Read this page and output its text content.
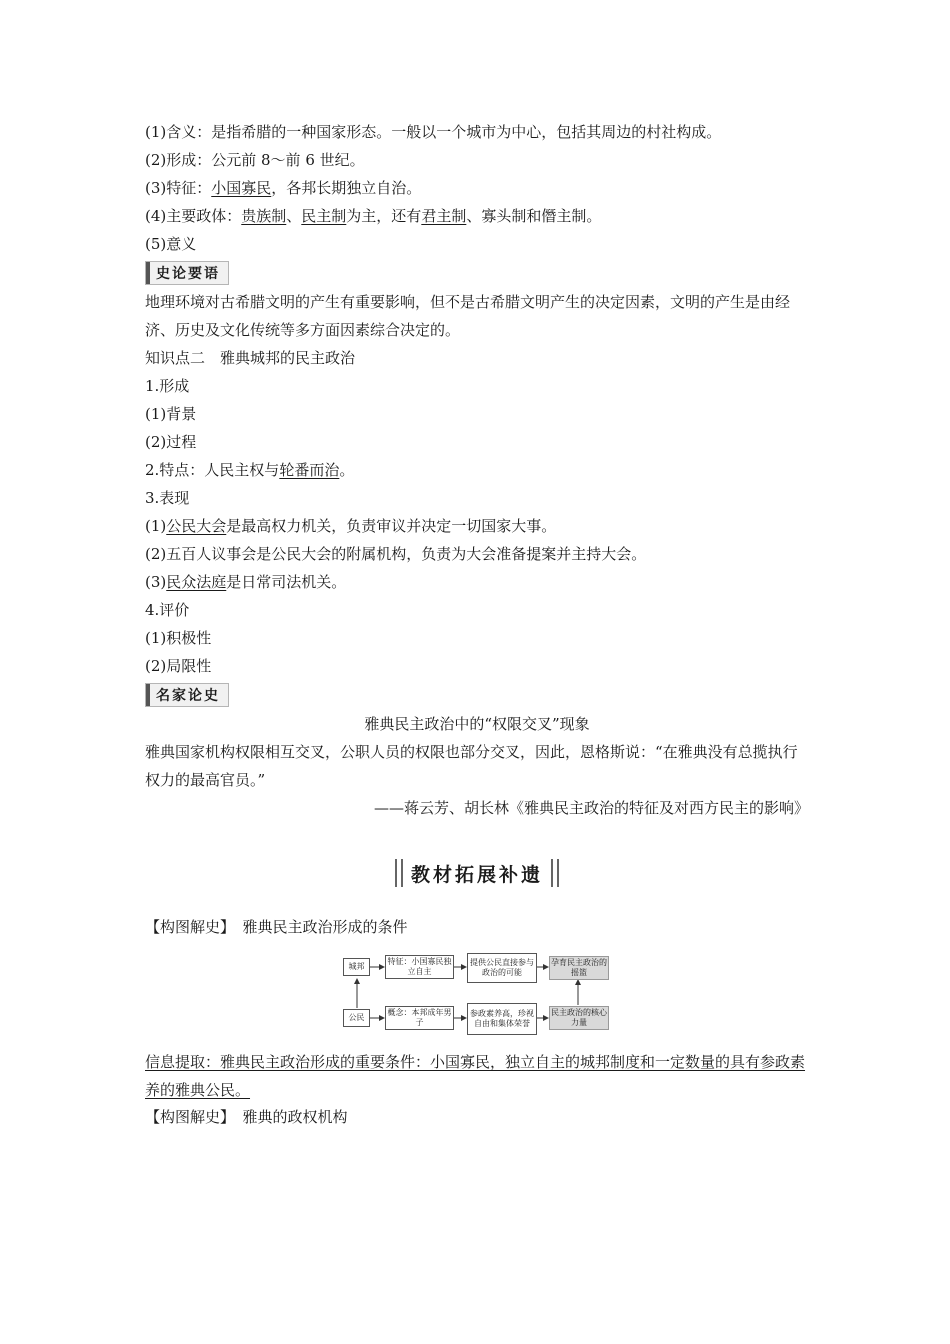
(1)含义：是指希腊的一种国家形态。一般以一个城市为中心，包括其周边的村社构成。
(2)形成：公元前 8～前 6 世纪。
(3)特征：小国寡民，各邦长期独立自治。
(4)主要政体：贵族制、民主制为主，还有君主制、寡头制和僭主制。
(5)意义
史论要语
地理环境对古希腊文明的产生有重要影响，但不是古希腊文明产生的决定因素，文明的产生是由经济、历史及文化传统等多方面因素综合决定的。
知识点二　雅典城邦的民主政治
1.形成
(1)背景
(2)过程
2.特点：人民主权与轮番而治。
3.表现
(1)公民大会是最高权力机关，负责审议并决定一切国家大事。
(2)五百人议事会是公民大会的附属机构，负责为大会准备提案并主持大会。
(3)民众法庭是日常司法机关。
4.评价
(1)积极性
(2)局限性
名家论史
雅典民主政治中的“权限交叉”现象
雅典国家机构权限相互交叉，公职人员的权限也部分交叉，因此，恩格斯说：“在雅典没有总揽执行权力的最高官员。”
——蒋云芳、胡长林《雅典民主政治的特征及对西方民主的影响》
教材拓展补遗
【构图解史】　雅典民主政治形成的条件
城邦
公民
特征：小国寡民独立自主
概念：本邦成年男子
提供公民直接参与政治的可能
参政素养高，珍视自由和集体荣誉
孕育民主政治的摇篮
民主政治的核心力量
信息提取：雅典民主政治形成的重要条件：小国寡民，独立自主的城邦制度和一定数量的具有参政素养的雅典公民。
【构图解史】　雅典的政权机构
